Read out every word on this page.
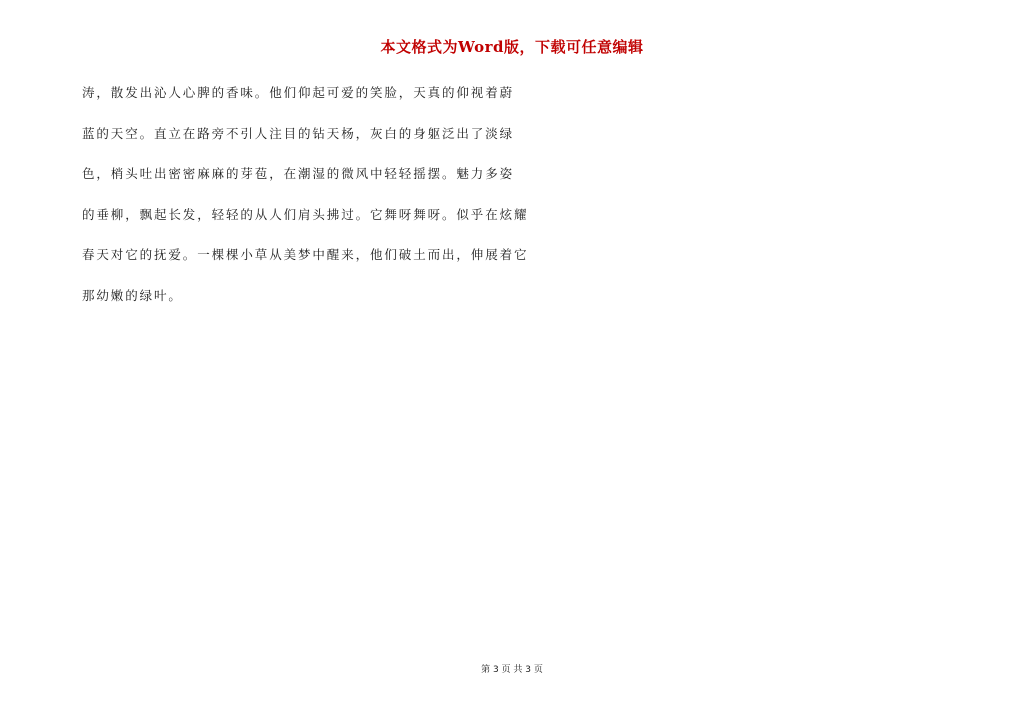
本文格式为Word版，下载可任意编辑
涛，散发出沁人心脾的香味。他们仰起可爱的笑脸，天真的仰视着蔚
蓝的天空。直立在路旁不引人注目的钻天杨，灰白的身躯泛出了淡绿
色，梢头吐出密密麻麻的芽苞，在潮湿的微风中轻轻摇摆。魅力多姿
的垂柳，飘起长发，轻轻的从人们肩头拂过。它舞呀舞呀。似乎在炫耀
春天对它的抚爱。一棵棵小草从美梦中醒来，他们破土而出，伸展着它
那幼嫩的绿叶。
第 3 页 共 3 页
